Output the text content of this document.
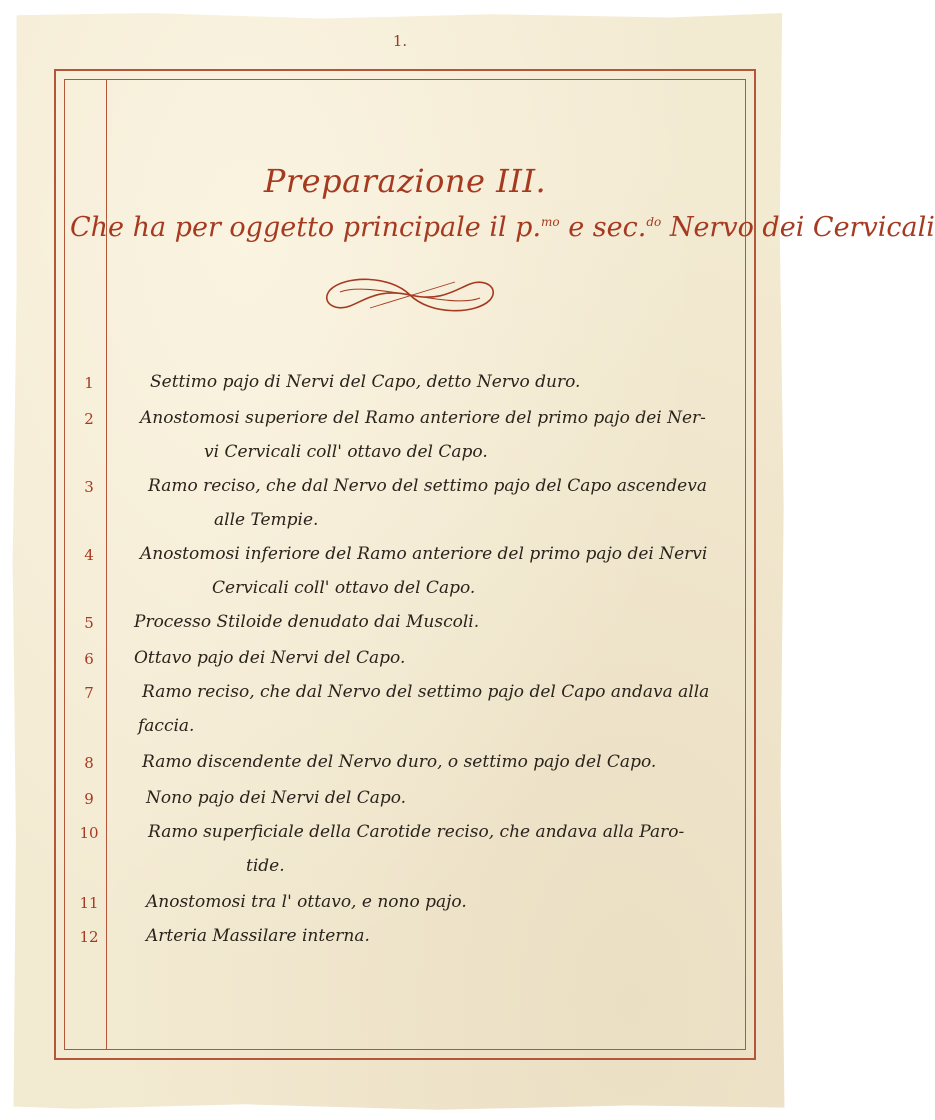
1.
Preparazione III.
Che ha per oggetto principale il p.$^{mo}$ e sec.$^{do}$ Nervo dei Cervicali
1	Settimo pajo di Nervi del Capo, detto Nervo duro.
2	Anostomosi superiore del Ramo anteriore del primo pajo dei Ner-
vi Cervicali coll' ottavo del Capo.
3	Ramo reciso, che dal Nervo del settimo pajo del Capo ascendeva
alle Tempie.
4	Anostomosi inferiore del Ramo anteriore del primo pajo dei Nervi
Cervicali coll' ottavo del Capo.
5	Processo Stiloide denudato dai Muscoli.
6	Ottavo pajo dei Nervi del Capo.
7	Ramo reciso, che dal Nervo del settimo pajo del Capo andava alla
faccia.
8	Ramo discendente del Nervo duro, o settimo pajo del Capo.
9	Nono pajo dei Nervi del Capo.
10	Ramo superficiale della Carotide reciso, che andava alla Paro-
tide.
11	Anostomosi tra l' ottavo, e nono pajo.
12	Arteria Massilare interna.
